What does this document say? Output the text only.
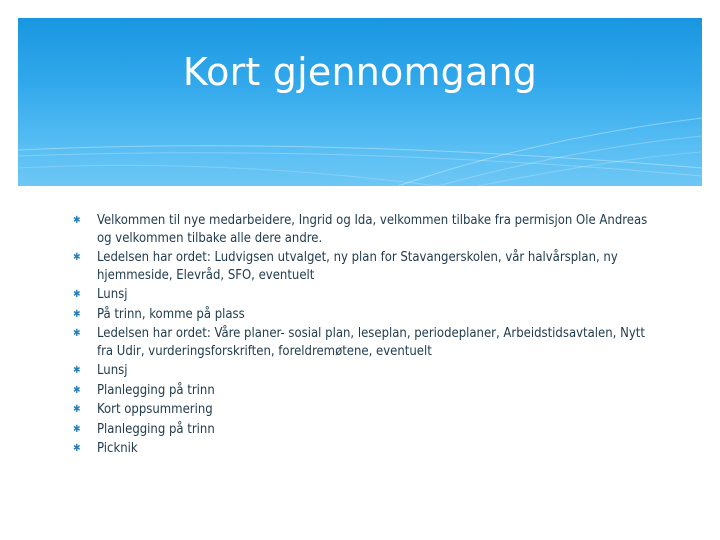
Kort gjennomgang
✱ Velkommen til nye medarbeidere, Ingrid og Ida, velkommen tilbake fra permisjon Ole Andreas og velkommen tilbake alle dere andre.
✱ Ledelsen har ordet: Ludvigsen utvalget, ny plan for Stavangerskolen, vår halvårsplan, ny hjemmeside, Elevråd, SFO, eventuelt
✱ Lunsj
✱ På trinn, komme på plass
✱ Ledelsen har ordet: Våre planer- sosial plan, leseplan, periodeplaner, Arbeidstidsavtalen, Nytt fra Udir, vurderingsforskriften, foreldremøtene, eventuelt
✱ Lunsj
✱ Planlegging på trinn
✱ Kort oppsummering
✱ Planlegging på trinn
✱ Picknik
